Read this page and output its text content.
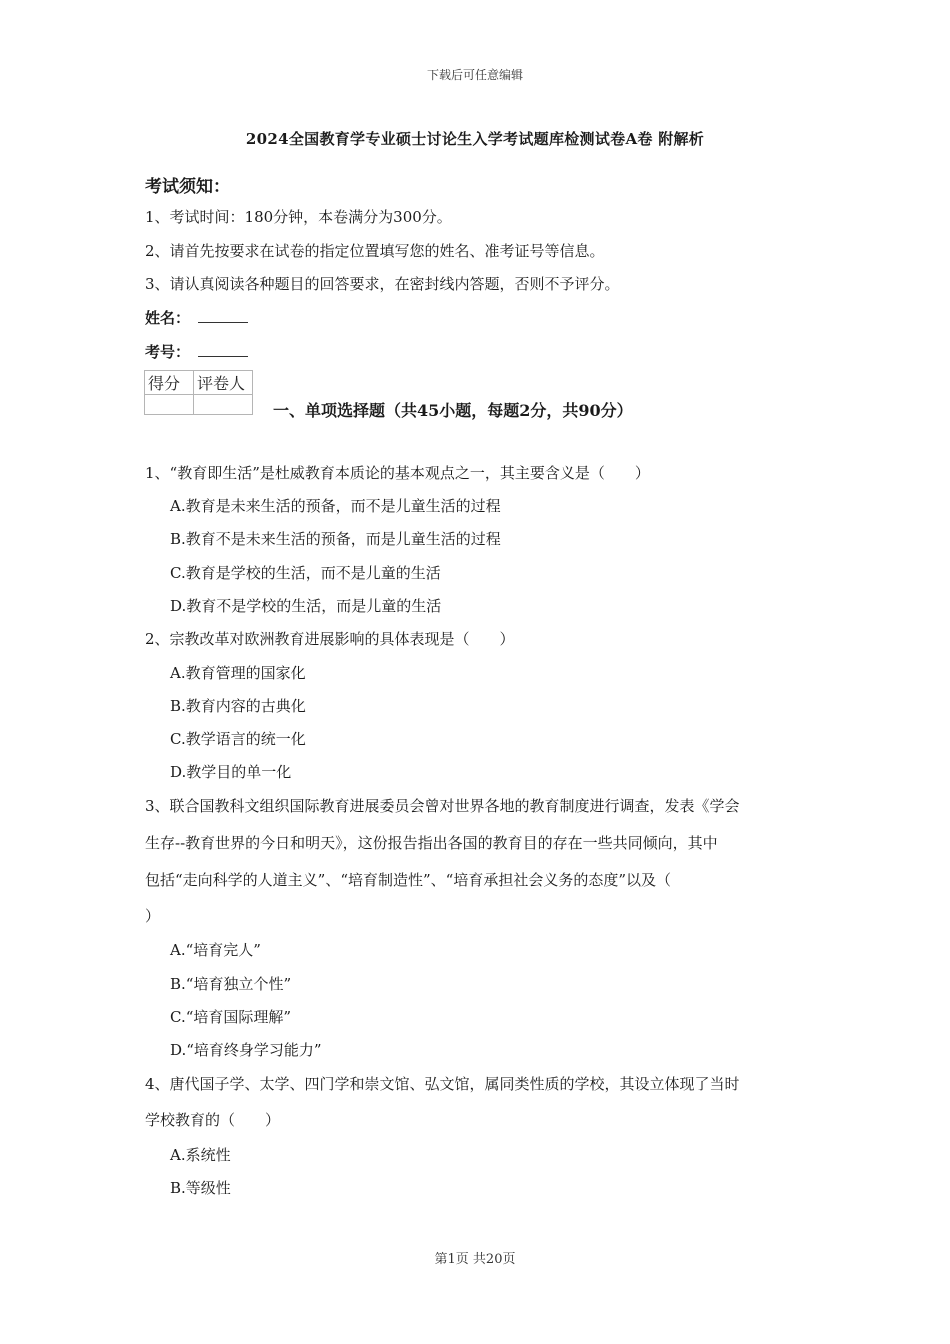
下载后可任意编辑
2024全国教育学专业硕士讨论生入学考试题库检测试卷A卷 附解析
考试须知：
1、考试时间：180分钟，本卷满分为300分。
2、请首先按要求在试卷的指定位置填写您的姓名、准考证号等信息。
3、请认真阅读各种题目的回答要求，在密封线内答题，否则不予评分。
姓名：
考号：
得分	评卷人

一、单项选择题（共45小题，每题2分，共90分）
1、“教育即生活”是杜威教育本质论的基本观点之一，其主要含义是（　　）
A.教育是未来生活的预备，而不是儿童生活的过程
B.教育不是未来生活的预备，而是儿童生活的过程
C.教育是学校的生活，而不是儿童的生活
D.教育不是学校的生活，而是儿童的生活
2、宗教改革对欧洲教育进展影响的具体表现是（　　）
A.教育管理的国家化
B.教育内容的古典化
C.教学语言的统一化
D.教学目的单一化
3、联合国教科文组织国际教育进展委员会曾对世界各地的教育制度进行调查，发表《学会
生存--教育世界的今日和明天》，这份报告指出各国的教育目的存在一些共同倾向，其中
包括“走向科学的人道主义”、“培育制造性”、“培育承担社会义务的态度”以及（
）
A.“培育完人”
B.“培育独立个性”
C.“培育国际理解”
D.“培育终身学习能力”
4、唐代国子学、太学、四门学和崇文馆、弘文馆，属同类性质的学校，其设立体现了当时
学校教育的（　　）
A.系统性
B.等级性
第1页 共20页
